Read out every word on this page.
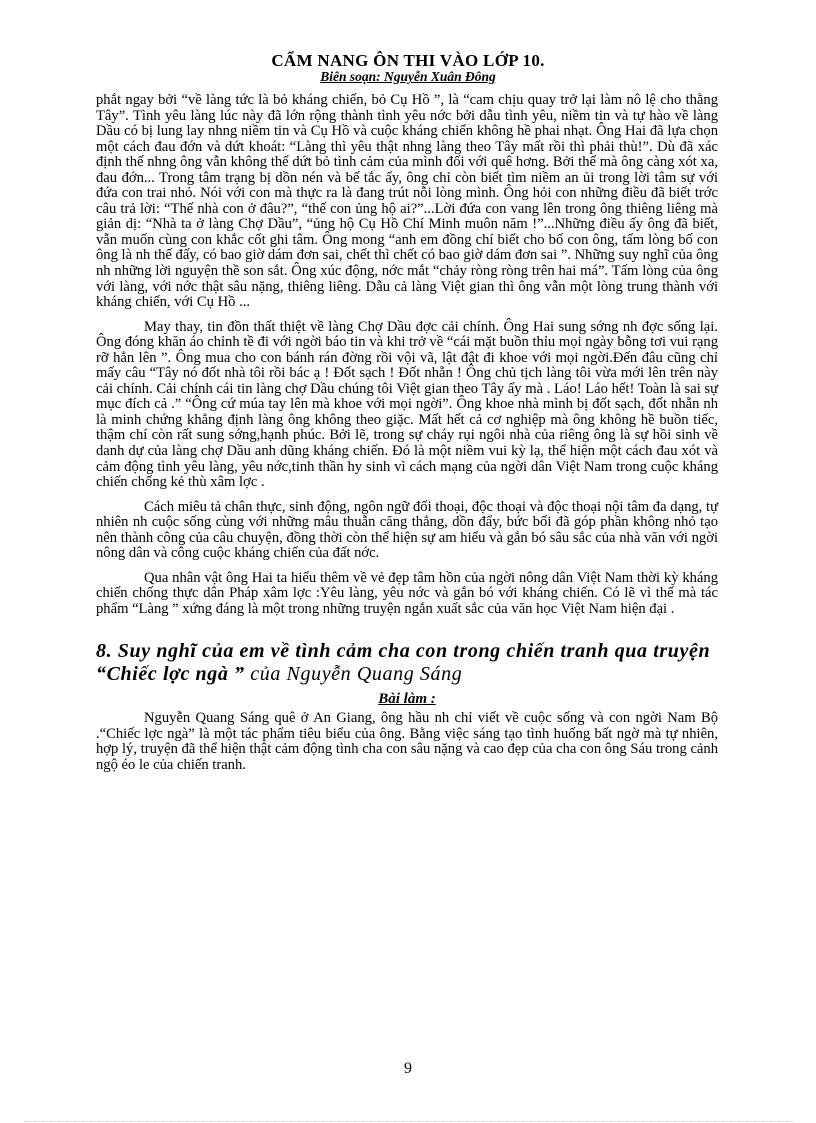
CẨM NANG ÔN THI VÀO LỚP 10.
Biên soạn: Nguyễn Xuân Đông

phắt ngay bởi “về làng tức là bỏ kháng chiến, bỏ Cụ Hồ ”, là “cam chịu quay trở lại làm nô lệ cho thằng Tây”. Tình yêu làng lúc này đã lớn rộng thành tình yêu nớc bởi dẫu tình yêu, niềm tin và tự hào về làng Dầu có bị lung lay nhng niềm tin và Cụ Hồ và cuộc kháng chiến không hề phai nhạt. Ông Hai đã lựa chọn một cách đau đớn và dứt khoát: “Làng thì yêu thật nhng làng theo Tây mất rồi thì phải thù!”. Dù đã xác định thế nhng ông vẫn không thể dứt bỏ tình cảm của mình đối với quê hơng. Bởi thế mà ông càng xót xa, đau đớn... Trong tâm trạng bị dồn nén và bế tắc ấy, ông chỉ còn biết tìm niềm an ủi trong lời tâm sự với đứa con trai nhỏ. Nói với con mà thực ra là đang trút nỗi lòng mình. Ông hỏi con những điều đã biết trớc câu trả lời: “Thế nhà con ở đâu?”, “thế con ủng hộ ai?”...Lời đứa con vang lên trong ông thiêng liêng mà giản dị: “Nhà ta ở làng Chợ Dầu”, “ủng hộ Cụ Hồ Chí Minh muôn năm !”...Những điều ấy ông đã biết, vẫn muốn cùng con khắc cốt ghi tâm. Ông mong “anh em đồng chí biết cho bố con ông, tấm lòng bố con ông là nh thế đấy, có bao giờ dám đơn sai, chết thì chết có bao giờ dám đơn sai ”. Những suy nghĩ của ông nh những lời nguyện thề son sắt. Ông xúc động, nớc mắt “chảy ròng ròng trên hai má”. Tấm lòng của ông với làng, với nớc thật sâu nặng, thiêng liêng. Dẫu cả làng Việt gian thì ông vẫn một lòng trung thành với kháng chiến, với Cụ Hồ ...

May thay, tin đồn thất thiệt về làng Chợ Dầu đợc cải chính. Ông Hai sung sớng nh đợc sống lại. Ông đóng khăn áo chỉnh tề đi với ngời báo tin và khi trở về “cái mặt buồn thỉu mọi ngày bỗng tơi vui rạng rỡ hẳn lên ”. Ông mua cho con bánh rán đờng rồi vội vã, lật đật đi khoe với mọi ngời.Đến đâu cũng chỉ mấy câu “Tây nó đốt nhà tôi rồi bác ạ ! Đốt sạch ! Đốt nhẵn ! Ông chủ tịch làng tôi vừa mới lên trên này cải chính. Cải chính cái tin làng chợ Dầu chúng tôi Việt gian theo Tây ấy mà . Láo! Láo hết! Toàn là sai sự mục đích cả .” “Ông cứ múa tay lên mà khoe với mọi ngời”. Ông khoe nhà mình bị đốt sạch, đốt nhẵn nh là minh chứng khẳng định làng ông không theo giặc. Mất hết cả cơ nghiệp mà ông không hề buồn tiếc, thậm chí còn rất sung sớng,hạnh phúc. Bởi lẽ, trong sự cháy rụi ngôi nhà của riêng ông là sự hồi sinh về danh dự của làng chợ Dầu anh dũng kháng chiến. Đó là một niềm vui kỳ lạ, thể hiện một cách đau xót và cảm động tình yêu làng, yêu nớc,tinh thần hy sinh vì cách mạng của ngời dân Việt Nam trong cuộc kháng chiến chống kẻ thù xâm lợc .

Cách miêu tả chân thực, sinh động, ngôn ngữ đối thoại, độc thoại và độc thoại nội tâm đa dạng, tự nhiên nh cuộc sống cùng với những mâu thuẫn căng thẳng, dồn đẩy, bức bối đã góp phần không nhỏ tạo nên thành công của câu chuyện, đồng thời còn thể hiện sự am hiểu và gắn bó sâu sắc của nhà văn với ngời nông dân và công cuộc kháng chiến của đất nớc.

Qua nhân vật ông Hai ta hiểu thêm về vẻ đẹp tâm hồn của ngời nông dân Việt Nam thời kỳ kháng chiến chống thực dân Pháp xâm lợc :Yêu làng, yêu nớc và gắn bó với kháng chiến. Có lẽ vì thế mà tác phẩm “Làng ” xứng đáng là một trong những truyện ngắn xuất sắc của văn học Việt Nam hiện đại .

8. Suy nghĩ của em về tình cảm cha con trong chiến tranh qua truyện “Chiếc lợc ngà ” của Nguyễn Quang Sáng
Bài làm :

Nguyễn Quang Sáng quê ở An Giang, ông hầu nh chỉ viết về cuộc sống và con ngời Nam Bộ .“Chiếc lợc ngà” là một tác phẩm tiêu biểu của ông. Bằng việc sáng tạo tình huống bất ngờ mà tự nhiên, hợp lý, truyện đã thể hiện thật cảm động tình cha con sâu nặng và cao đẹp của cha con ông Sáu trong cảnh ngộ éo le của chiến tranh.

9
